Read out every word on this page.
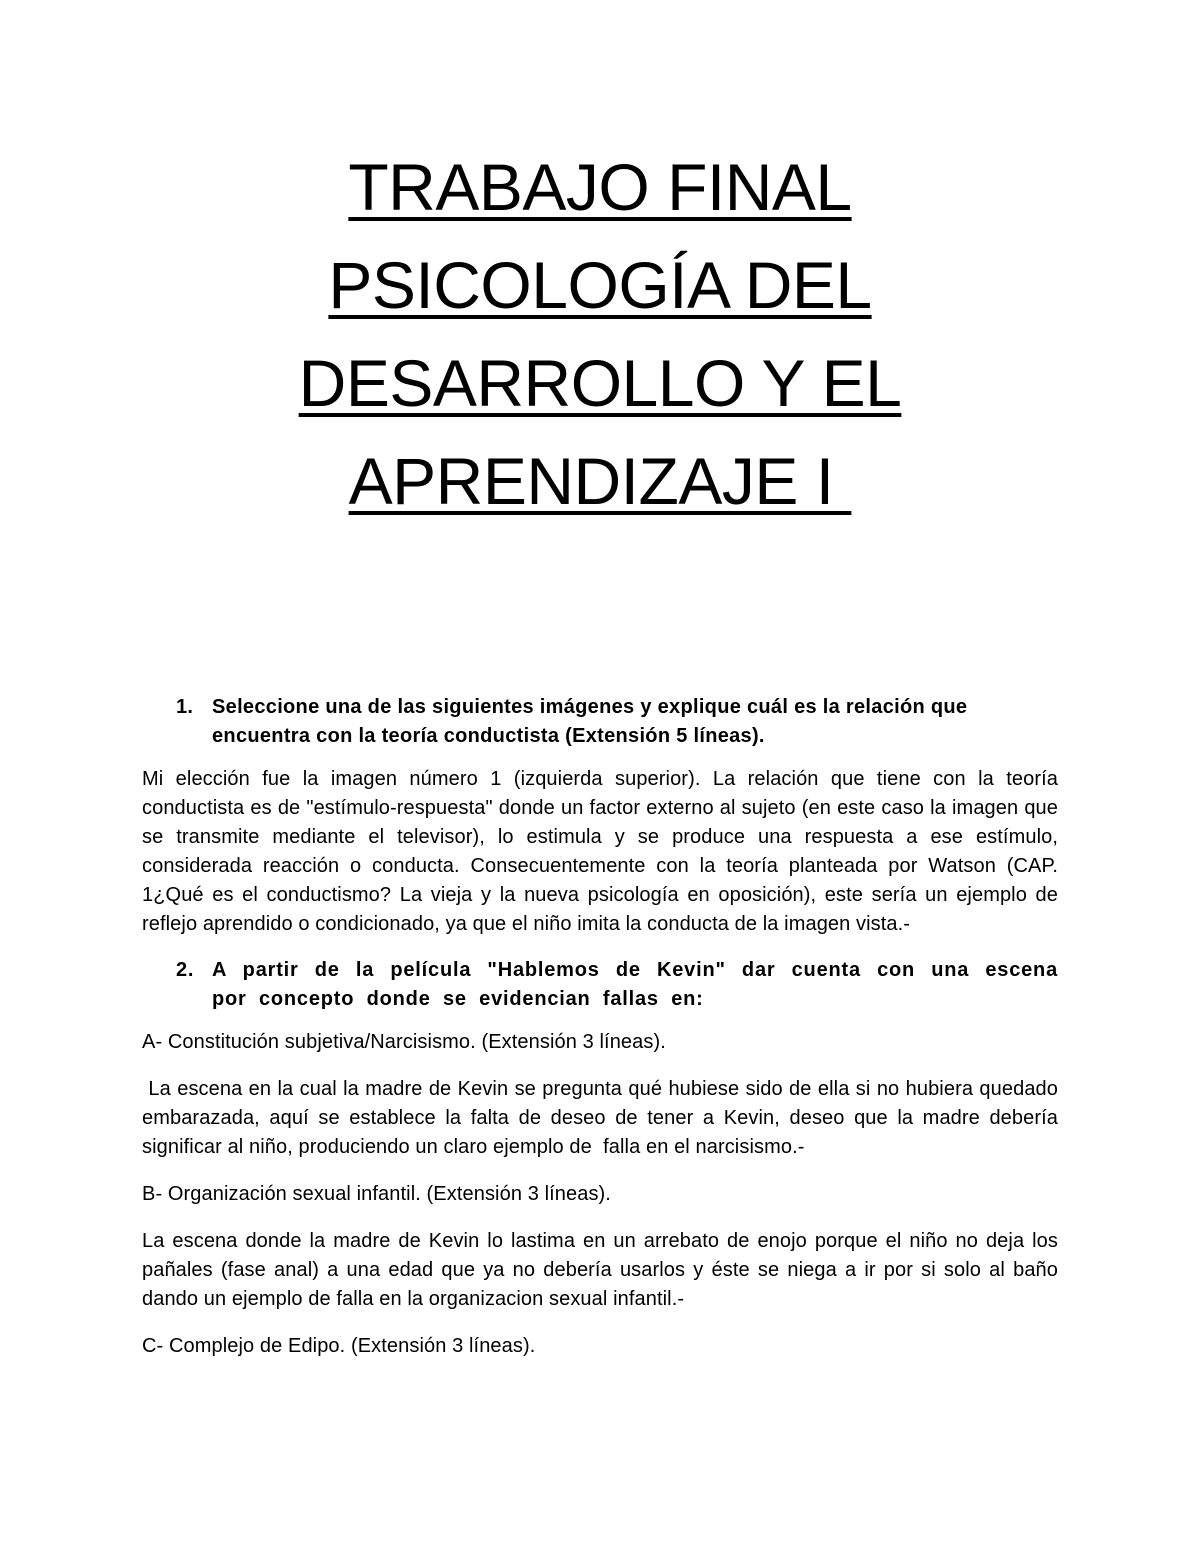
TRABAJO FINAL
PSICOLOGÍA DEL
DESARROLLO Y EL
APRENDIZAJE I
1. Seleccione una de las siguientes imágenes y explique cuál es la relación que encuentra con la teoría conductista (Extensión 5 líneas).
Mi elección fue la imagen número 1 (izquierda superior). La relación que tiene con la teoría conductista es de "estímulo-respuesta" donde un factor externo al sujeto (en este caso la imagen que se transmite mediante el televisor), lo estimula y se produce una respuesta a ese estímulo, considerada reacción o conducta. Consecuentemente con la teoría planteada por Watson (CAP. 1¿Qué es el conductismo? La vieja y la nueva psicología en oposición), este sería un ejemplo de reflejo aprendido o condicionado, ya que el niño imita la conducta de la imagen vista.-
2. A partir de la película "Hablemos de Kevin" dar cuenta con una escena por concepto donde se evidencian fallas en:
A- Constitución subjetiva/Narcisismo. (Extensión 3 líneas).
La escena en la cual la madre de Kevin se pregunta qué hubiese sido de ella si no hubiera quedado embarazada, aquí se establece la falta de deseo de tener a Kevin, deseo que la madre debería significar al niño, produciendo un claro ejemplo de  falla en el narcisismo.-
B- Organización sexual infantil. (Extensión 3 líneas).
La escena donde la madre de Kevin lo lastima en un arrebato de enojo porque el niño no deja los pañales (fase anal) a una edad que ya no debería usarlos y éste se niega a ir por si solo al baño dando un ejemplo de falla en la organizacion sexual infantil.-
C- Complejo de Edipo. (Extensión 3 líneas).
